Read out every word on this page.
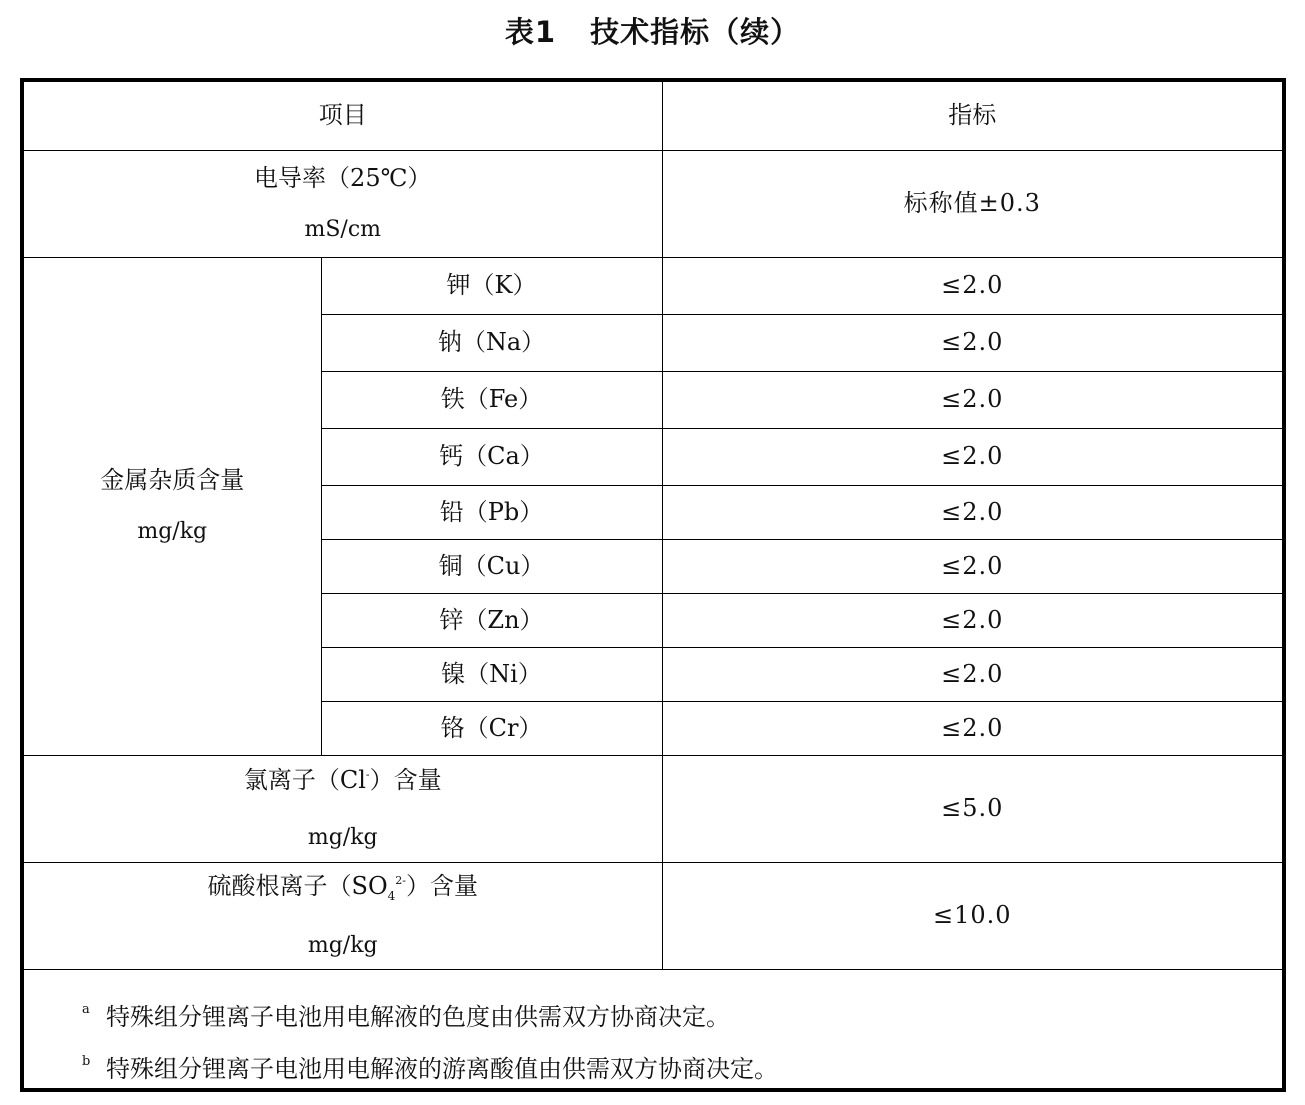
表1 技术指标（续）
项目		指标
电导率（25℃）
mS/cm		标称值±0.3
金属杂质含量
mg/kg	钾（K）	≤2.0
	钠（Na）	≤2.0
	铁（Fe）	≤2.0
	钙（Ca）	≤2.0
	铅（Pb）	≤2.0
	铜（Cu）	≤2.0
	锌（Zn）	≤2.0
	镍（Ni）	≤2.0
	铬（Cr）	≤2.0
氯离子（Cl-）含量
mg/kg		≤5.0
硫酸根离子$(SO_4^{2-})$含量
mg/kg		≤10.0

a 特殊组分锂离子电池用电解液的色度由供需双方协商决定。
b 特殊组分锂离子电池用电解液的游离酸值由供需双方协商决定。		
